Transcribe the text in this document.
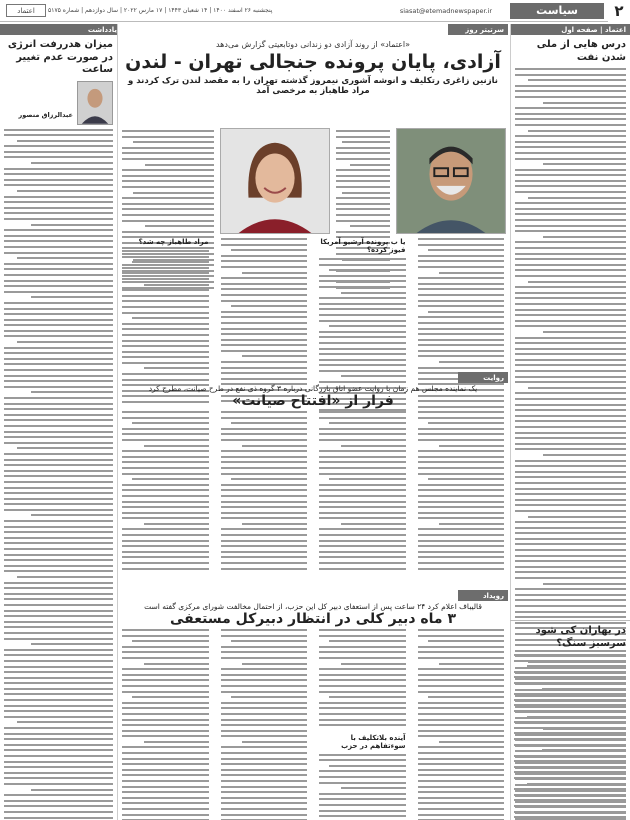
۲
سیاست
siasat@etemadnewspaper.ir
پنجشنبه ۲۶ اسفند ۱۴۰۰ | ۱۴ شعبان ۱۴۴۳ | ۱۷ مارس ۲۰۲۲ | سال دوازدهم | شماره ۵۱۷۵
اعتماد
اعتماد | صفحه اول
درس هایی از ملی شدن نفت
در بهاران کی شود سرسبز سنگ؟
سرتیتر روز
«اعتماد» از روند آزادی دو زندانی دوتابعیتی گزارش می‌دهد
آزادی، پایان پرونده جنجالی تهران - لندن
نازنین زاغری رتکلیف و انوشه آشوری نیمروز گذشته تهران را به مقصد لندن ترک کردند و مراد طاهباز به مرخصی آمد
یا ب پرونده آرشیو آمریکا فیوز کرده؟
مراد طاهباز چه شد؟
روایت
یک نماینده مجلس هم زمان با روایت عضو اتاق بازرگانی درباره ۳ گروه ذی نفع در طرح صیانت، مطرح کرد
فرار از «افتتاح صیانت»
رویداد
قالیباف اعلام کرد ۲۴ ساعت پس از استعفای دبیر کل این حزب، از احتمال مخالفت شورای مرکزی گفته است
۳ ماه دبیر کلی در انتظار دبیرکل مستعفی
آینده بلاتکلیف با سوءتفاهم در حزب
یادداشت
میزان هدررفت انرژی در صورت عدم تغییر ساعت
عبدالرزاق منصور
